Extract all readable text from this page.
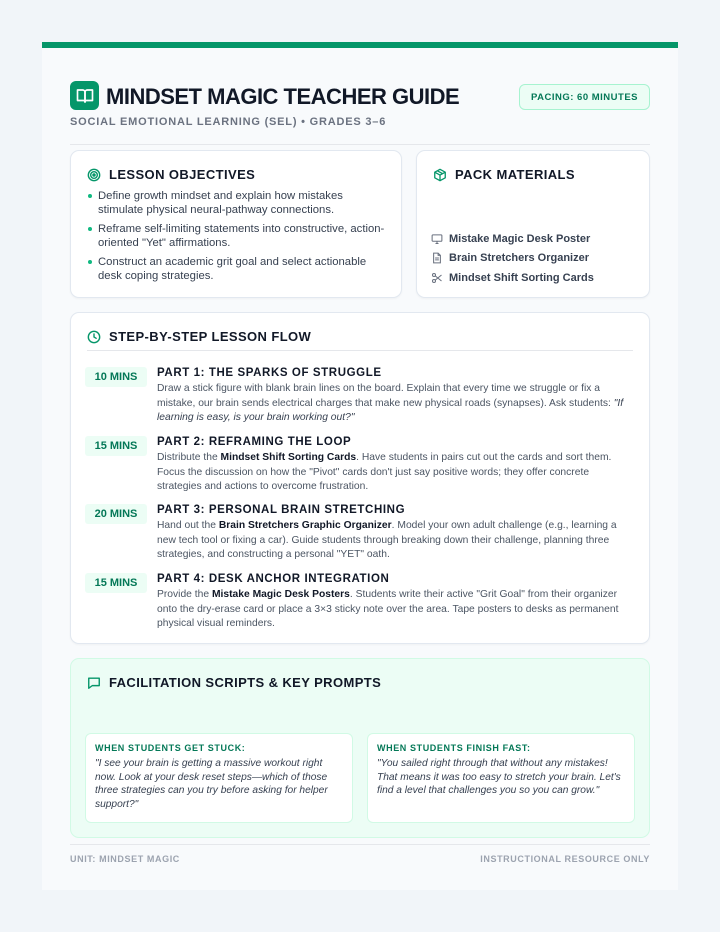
MINDSET MAGIC TEACHER GUIDE
SOCIAL EMOTIONAL LEARNING (SEL) • GRADES 3–6
PACING: 60 MINUTES
LESSON OBJECTIVES
Define growth mindset and explain how mistakes stimulate physical neural-pathway connections.
Reframe self-limiting statements into constructive, action-oriented "Yet" affirmations.
Construct an academic grit goal and select actionable desk coping strategies.
PACK MATERIALS
Mistake Magic Desk Poster
Brain Stretchers Organizer
Mindset Shift Sorting Cards
STEP-BY-STEP LESSON FLOW
10 MINS	PART 1: THE SPARKS OF STRUGGLE
Draw a stick figure with blank brain lines on the board. Explain that every time we struggle or fix a mistake, our brain sends electrical charges that make new physical roads (synapses). Ask students: "If learning is easy, is your brain working out?"
15 MINS	PART 2: REFRAMING THE LOOP
Distribute the Mindset Shift Sorting Cards. Have students in pairs cut out the cards and sort them. Focus the discussion on how the "Pivot" cards don't just say positive words; they offer concrete strategies and actions to overcome frustration.
20 MINS	PART 3: PERSONAL BRAIN STRETCHING
Hand out the Brain Stretchers Graphic Organizer. Model your own adult challenge (e.g., learning a new tech tool or fixing a car). Guide students through breaking down their challenge, planning three strategies, and constructing a personal "YET" oath.
15 MINS	PART 4: DESK ANCHOR INTEGRATION
Provide the Mistake Magic Desk Posters. Students write their active "Grit Goal" from their organizer onto the dry-erase card or place a 3×3 sticky note over the area. Tape posters to desks as permanent physical visual reminders.
FACILITATION SCRIPTS & KEY PROMPTS
WHEN STUDENTS GET STUCK:
"I see your brain is getting a massive workout right now. Look at your desk reset steps—which of those three strategies can you try before asking for helper support?"
WHEN STUDENTS FINISH FAST:
"You sailed right through that without any mistakes! That means it was too easy to stretch your brain. Let's find a level that challenges you so you can grow."
UNIT: MINDSET MAGIC	INSTRUCTIONAL RESOURCE ONLY
